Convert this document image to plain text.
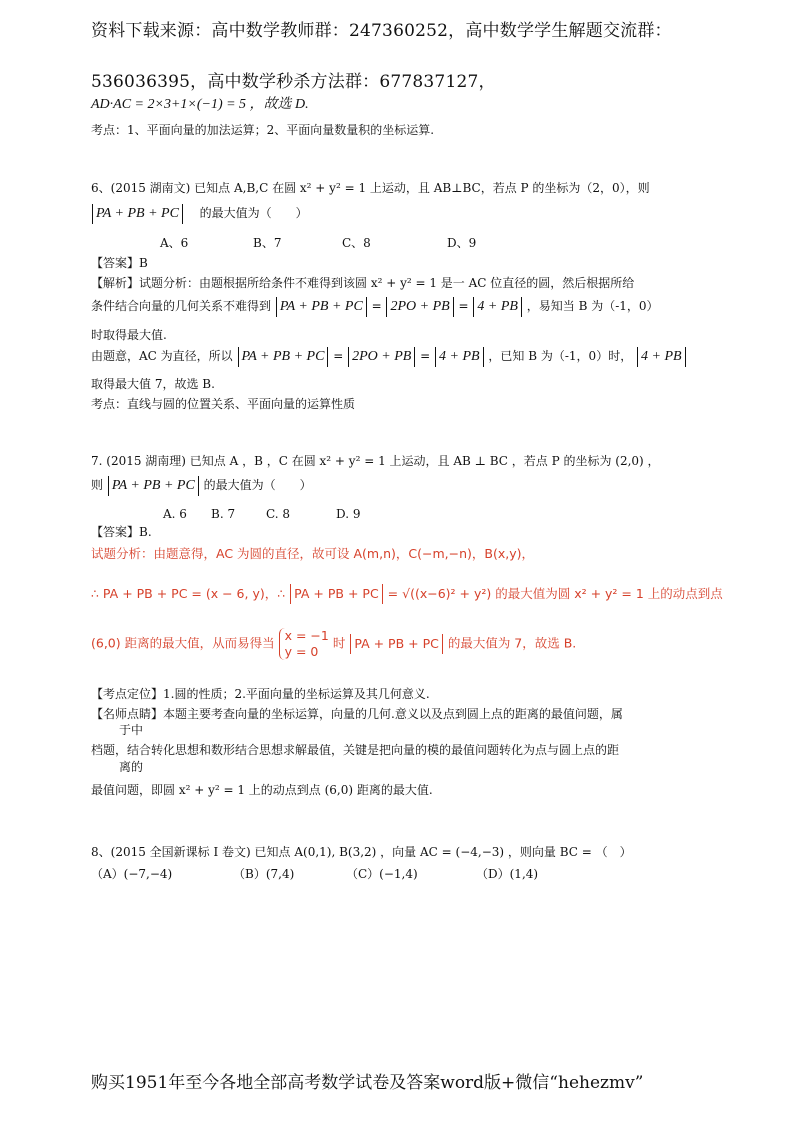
资料下载来源：高中数学教师群：247360252，高中数学学生解题交流群：
536036395，高中数学秒杀方法群：677837127，
AD·AC = 2×3+1×(−1) = 5 ，故选 D.
考点：1、平面向量的加法运算；2、平面向量数量积的坐标运算.
6、(2015 湖南文) 已知点 A,B,C 在圆 x² + y² = 1 上运动，且 AB⊥BC，若点 P 的坐标为（2，0），则
PA + PB + PC 的最大值为（　　）
A、6	B、7	C、8	D、9
【答案】B
【解析】试题分析：由题根据所给条件不难得到该圆 x² + y² = 1 是一 AC 位直径的圆，然后根据所给
条件结合向量的几何关系不难得到 PA + PB + PC = 2PO + PB = 4 + PB ，易知当 B 为（-1，0）
时取得最大值.
由题意，AC 为直径，所以 PA + PB + PC = 2PO + PB = 4 + PB ，已知 B 为（-1，0）时， 4 + PB
取得最大值 7，故选 B.
考点：直线与圆的位置关系、平面向量的运算性质
7. (2015 湖南理) 已知点 A ，B ，C 在圆 x² + y² = 1 上运动，且 AB ⊥ BC ，若点 P 的坐标为 (2,0) ，
则 PA + PB + PC 的最大值为（　　）
A. 6 B. 7	C. 8	D. 9
【答案】B.
试题分析：由题意得，AC 为圆的直径，故可设 A(m,n)，C(−m,−n)，B(x,y)，
∴ PA + PB + PC = (x − 6, y)，∴ PA + PB + PC = √((x−6)² + y²) 的最大值为圆 x² + y² = 1 上的动点到点
(6,0) 距离的最大值，从而易得当 x = −1
y = 0
时 PA + PB + PC 的最大值为 7，故选 B.
【考点定位】1.圆的性质；2.平面向量的坐标运算及其几何意义.
【名师点睛】本题主要考查向量的坐标运算，向量的几何.意义以及点到圆上点的距离的最值问题，属
于中
档题，结合转化思想和数形结合思想求解最值，关键是把向量的模的最值问题转化为点与圆上点的距
离的
最值问题，即圆 x² + y² = 1 上的动点到点 (6,0) 距离的最大值.
8、(2015 全国新课标 I 卷文) 已知点 A(0,1), B(3,2) ，向量 AC = (−4,−3) ，则向量 BC = （　）
（A）(−7,−4)	（B）(7,4)	（C）(−1,4)	（D）(1,4)
购买1951年至今各地全部高考数学试卷及答案word版+微信“hehezmv”
